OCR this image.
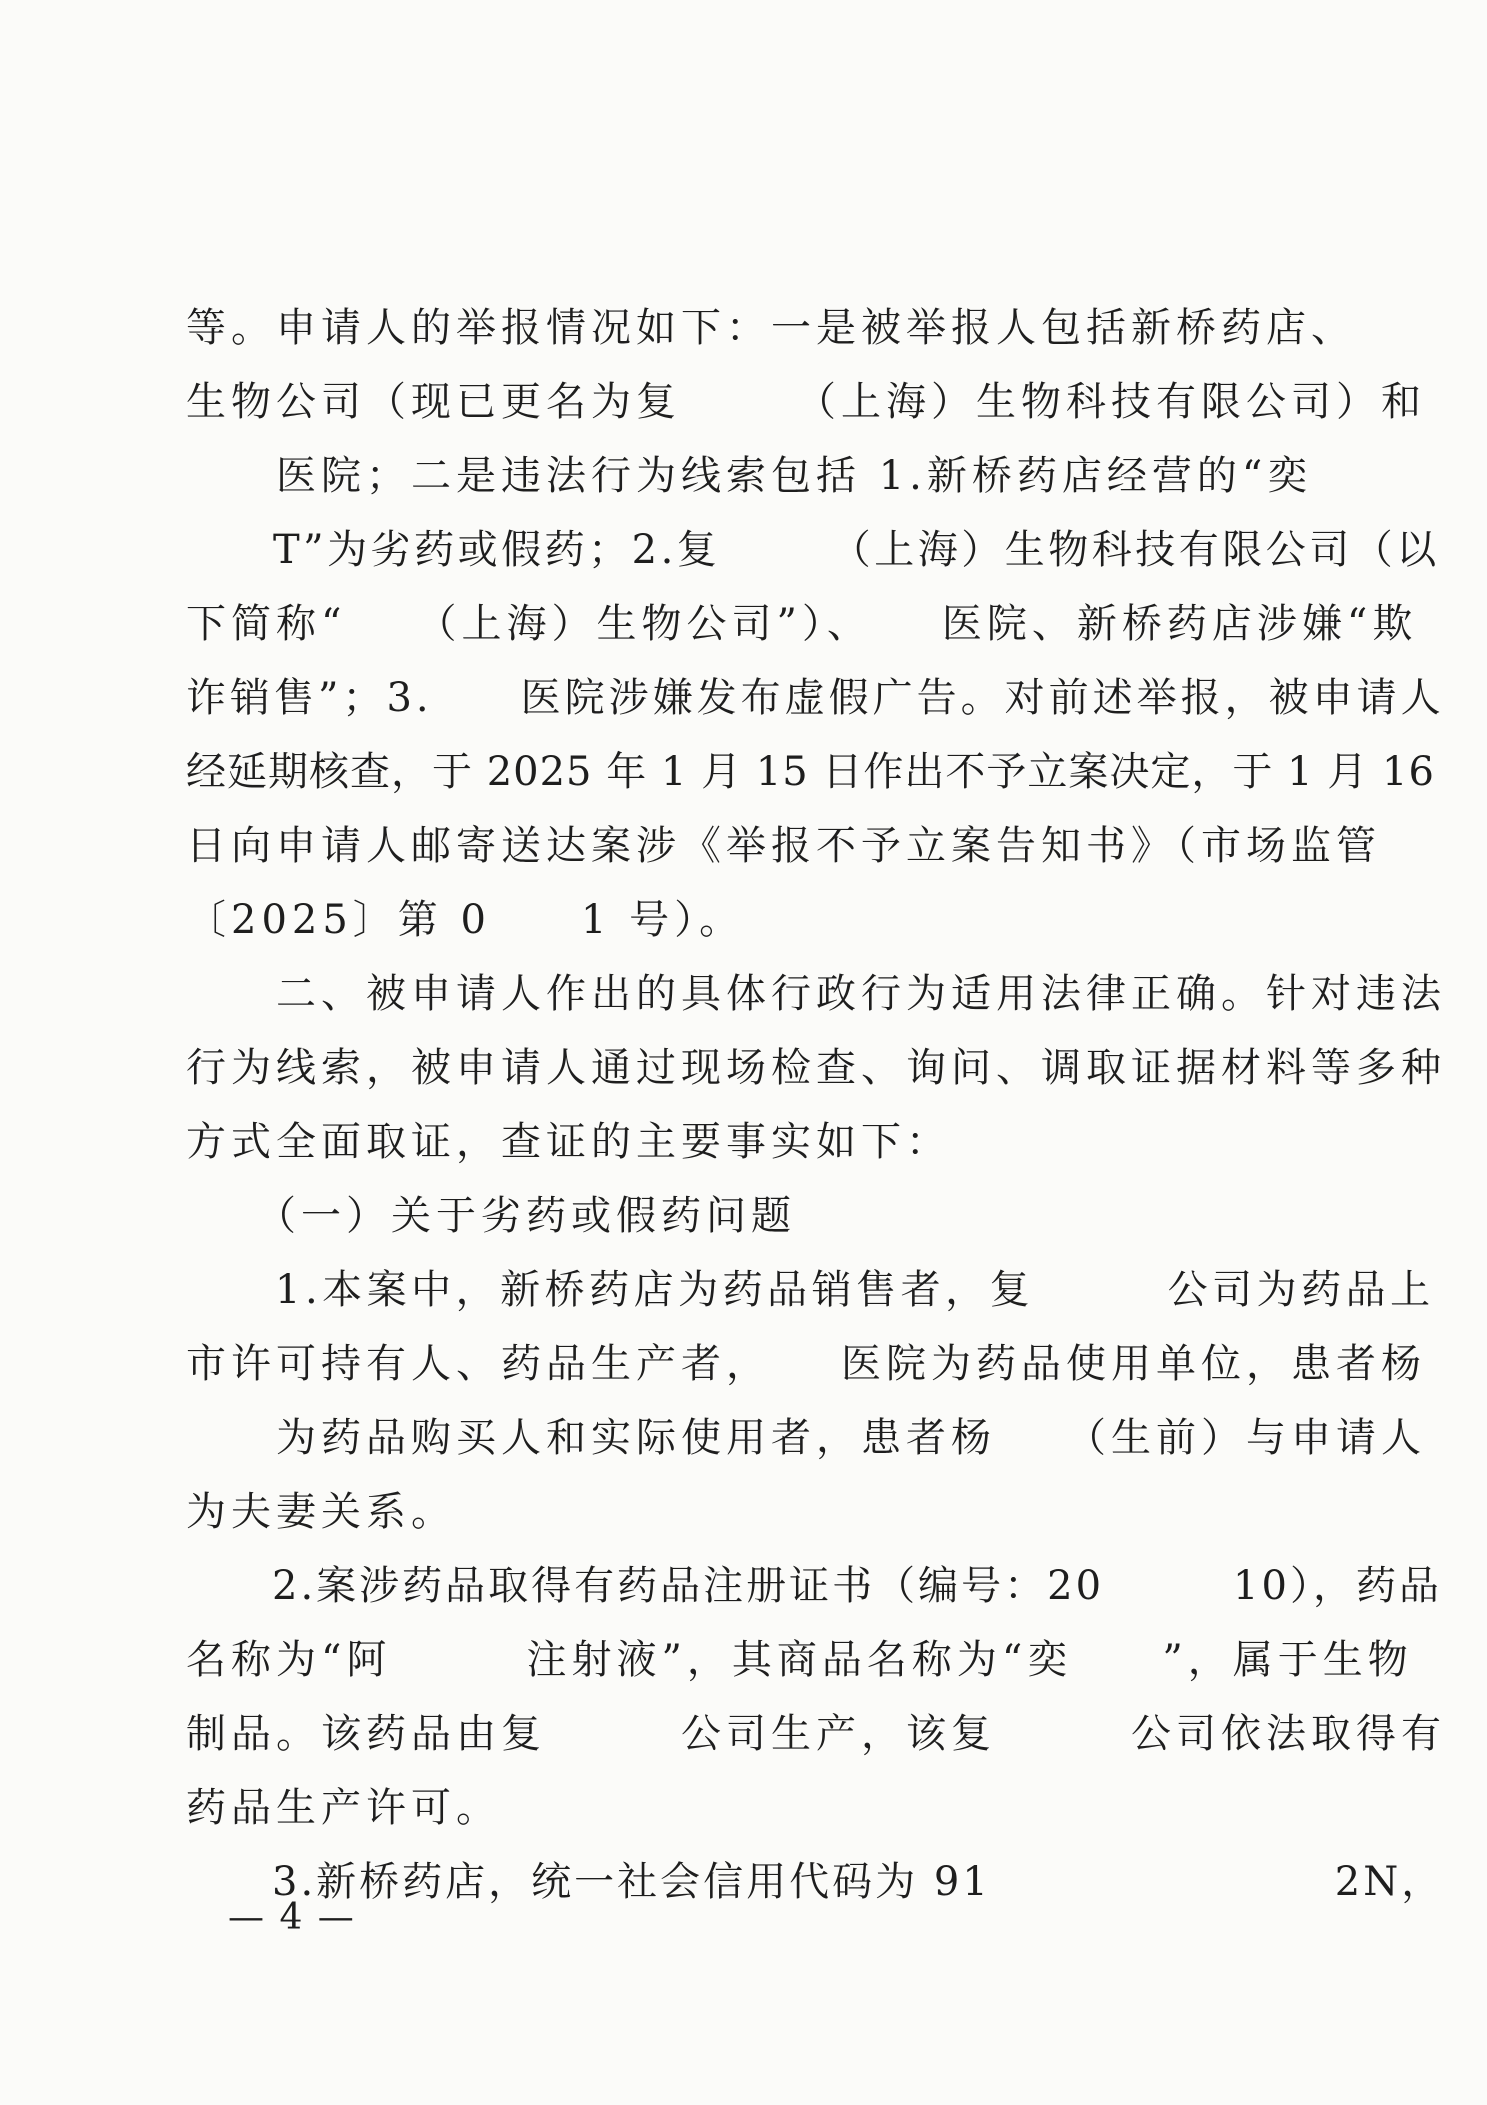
等。申请人的举报情况如下：一是被举报人包括新桥药店、
生物公司（现已更名为复　　　（上海）生物科技有限公司）和
　　医院；二是违法行为线索包括 1.新桥药店经营的“奕
　　T”为劣药或假药；2.复　　　（上海）生物科技有限公司（以
下简称“　　（上海）生物公司”）、　　医院、新桥药店涉嫌“欺
诈销售”；3.　　医院涉嫌发布虚假广告。对前述举报，被申请人
经延期核查，于 2025 年 1 月 15 日作出不予立案决定，于 1 月 16
日向申请人邮寄送达案涉《举报不予立案告知书》（市场监管
〔2025〕第 0　　1 号）。
　　二、被申请人作出的具体行政行为适用法律正确。针对违法
行为线索，被申请人通过现场检查、询问、调取证据材料等多种
方式全面取证，查证的主要事实如下：
　　（一）关于劣药或假药问题
　　1.本案中，新桥药店为药品销售者，复　　　公司为药品上
市许可持有人、药品生产者，　　医院为药品使用单位，患者杨
　　为药品购买人和实际使用者，患者杨　　（生前）与申请人
为夫妻关系。
　　2.案涉药品取得有药品注册证书（编号：20　　　10），药品
名称为“阿　　　注射液”，其商品名称为“奕　　”，属于生物
制品。该药品由复　　　公司生产，该复　　　公司依法取得有
药品生产许可。
　　3.新桥药店，统一社会信用代码为 91　　　　　　　　2N，
— 4 —
